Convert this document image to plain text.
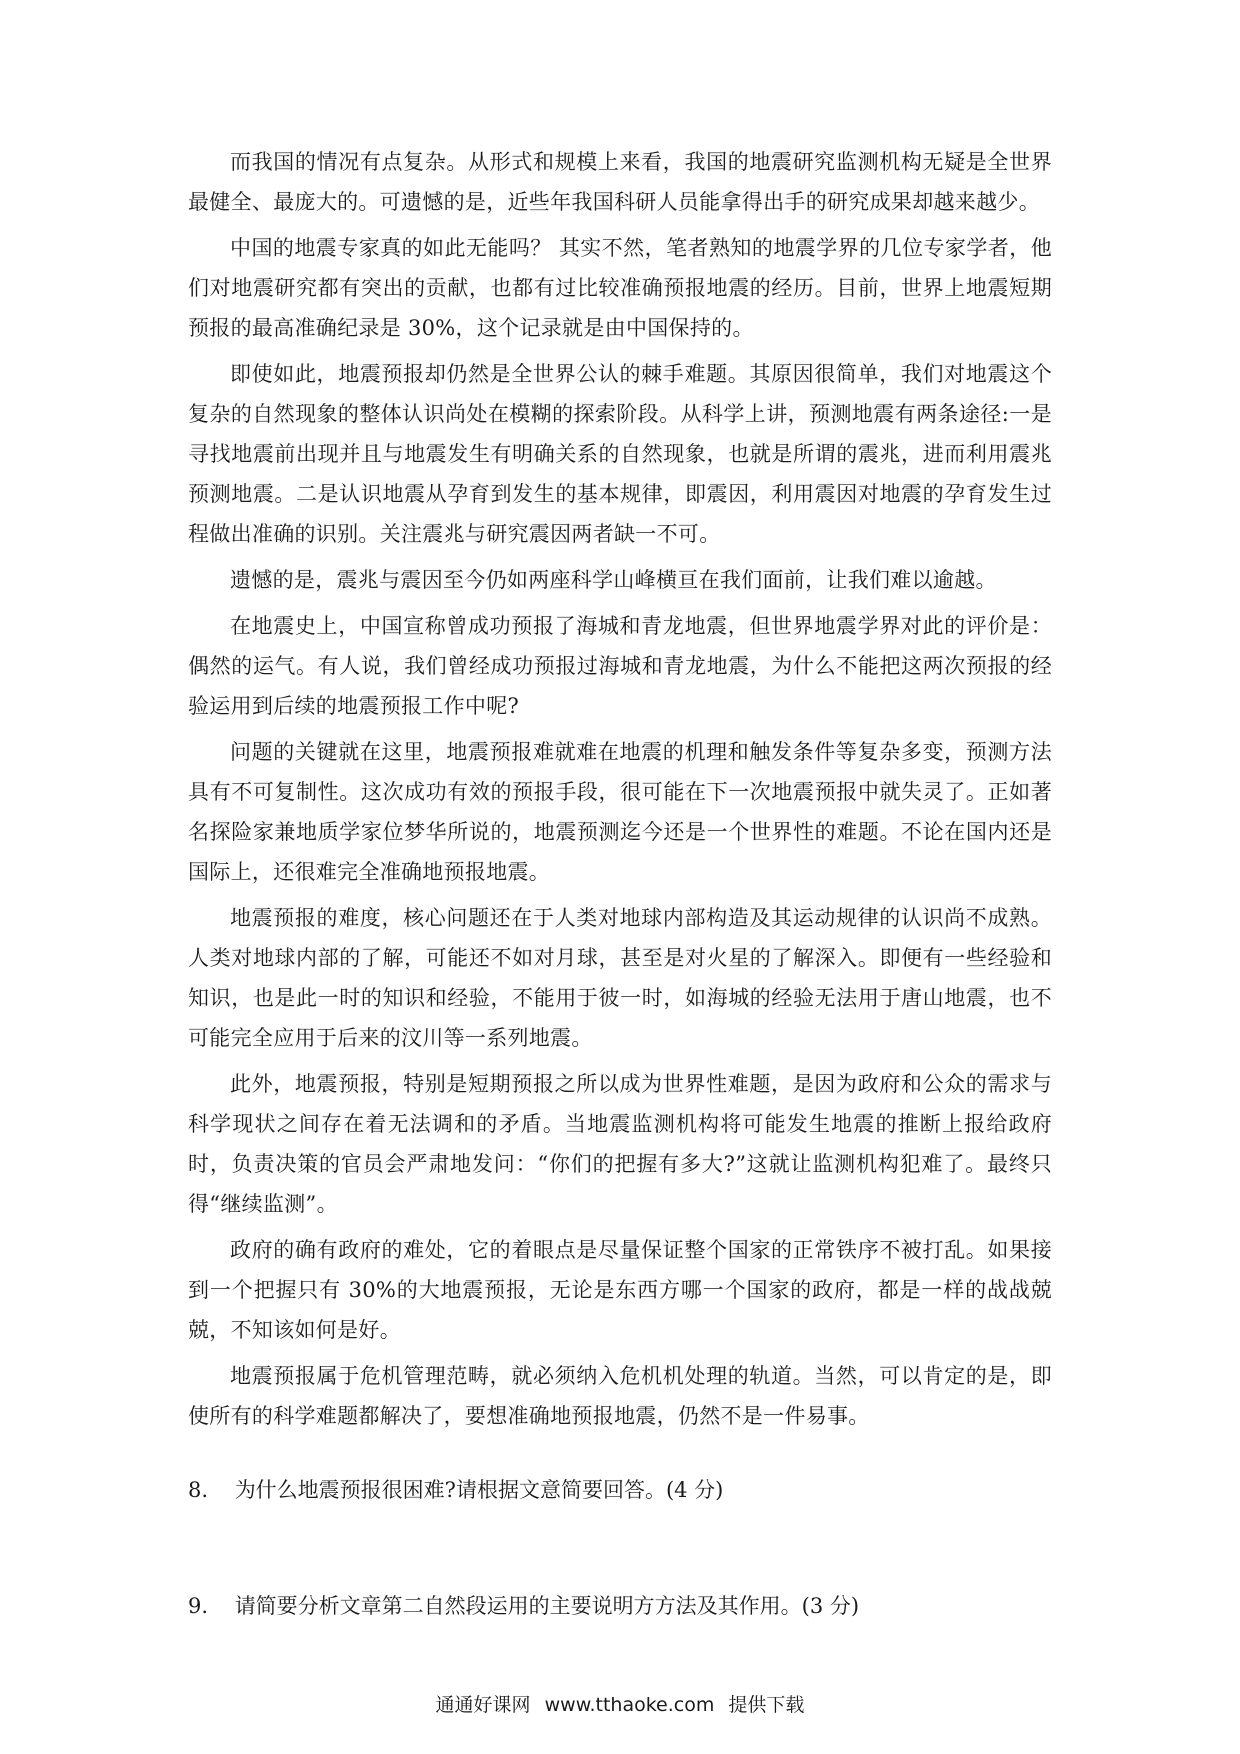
而我国的情况有点复杂。从形式和规模上来看，我国的地震研究监测机构无疑是全世界最健全、最庞大的。可遗憾的是，近些年我国科研人员能拿得出手的研究成果却越来越少。

中国的地震专家真的如此无能吗？ 其实不然，笔者熟知的地震学界的几位专家学者，他们对地震研究都有突出的贡献，也都有过比较准确预报地震的经历。目前，世界上地震短期预报的最高准确纪录是 30%，这个记录就是由中国保持的。

即使如此，地震预报却仍然是全世界公认的棘手难题。其原因很简单，我们对地震这个复杂的自然现象的整体认识尚处在模糊的探索阶段。从科学上讲，预测地震有两条途径:一是寻找地震前出现并且与地震发生有明确关系的自然现象，也就是所谓的震兆，进而利用震兆预测地震。二是认识地震从孕育到发生的基本规律，即震因，利用震因对地震的孕育发生过程做出准确的识别。关注震兆与研究震因两者缺一不可。

遗憾的是，震兆与震因至今仍如两座科学山峰横亘在我们面前，让我们难以逾越。

在地震史上，中国宣称曾成功预报了海城和青龙地震，但世界地震学界对此的评价是：偶然的运气。有人说，我们曾经成功预报过海城和青龙地震，为什么不能把这两次预报的经验运用到后续的地震预报工作中呢?

问题的关键就在这里，地震预报难就难在地震的机理和触发条件等复杂多变，预测方法具有不可复制性。这次成功有效的预报手段，很可能在下一次地震预报中就失灵了。正如著名探险家兼地质学家位梦华所说的，地震预测迄今还是一个世界性的难题。不论在国内还是国际上，还很难完全准确地预报地震。

地震预报的难度，核心问题还在于人类对地球内部构造及其运动规律的认识尚不成熟。人类对地球内部的了解，可能还不如对月球，甚至是对火星的了解深入。即便有一些经验和知识，也是此一时的知识和经验，不能用于彼一时，如海城的经验无法用于唐山地震，也不可能完全应用于后来的汶川等一系列地震。

此外，地震预报，特别是短期预报之所以成为世界性难题，是因为政府和公众的需求与科学现状之间存在着无法调和的矛盾。当地震监测机构将可能发生地震的推断上报给政府时，负责决策的官员会严肃地发问：“你们的把握有多大?”这就让监测机构犯难了。最终只得“继续监测”。

政府的确有政府的难处，它的着眼点是尽量保证整个国家的正常铁序不被打乱。如果接到一个把握只有 30%的大地震预报，无论是东西方哪一个国家的政府，都是一样的战战兢兢，不知该如何是好。

地震预报属于危机管理范畴，就必须纳入危机机处理的轨道。当然，可以肯定的是，即使所有的科学难题都解决了，要想准确地预报地震，仍然不是一件易事。

8. 为什么地震预报很困难?请根据文意简要回答。(4 分)

9. 请简要分析文章第二自然段运用的主要说明方方法及其作用。(3 分)

通通好课网 www.tthaoke.com 提供下载
